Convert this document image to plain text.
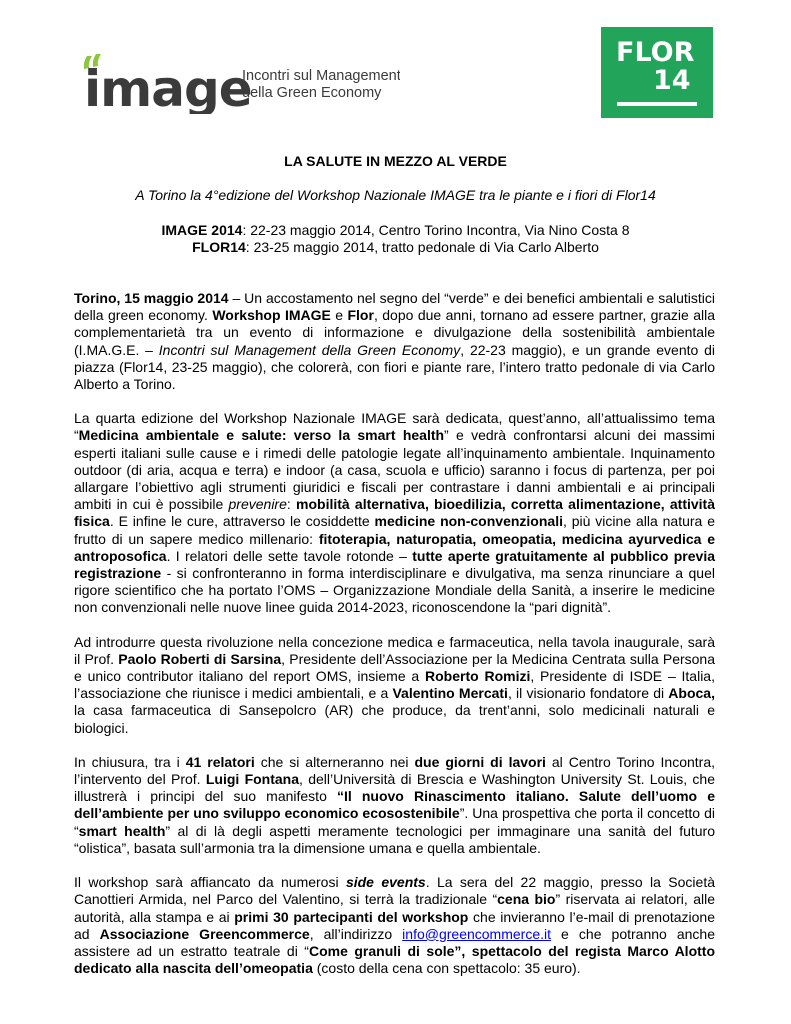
image
Incontri sul Management
della Green Economy
FLOR
14
LA SALUTE IN MEZZO AL VERDE
A Torino la 4°edizione del Workshop Nazionale IMAGE tra le piante e i fiori di Flor14
IMAGE 2014: 22-23 maggio 2014, Centro Torino Incontra, Via Nino Costa 8
FLOR14: 23-25 maggio 2014, tratto pedonale di Via Carlo Alberto

Torino, 15 maggio 2014 – Un accostamento nel segno del “verde” e dei benefici ambientali e salutistici della green economy. Workshop IMAGE e Flor, dopo due anni, tornano ad essere partner, grazie alla complementarietà tra un evento di informazione e divulgazione della sostenibilità ambientale (I.MA.G.E. – Incontri sul Management della Green Economy, 22-23 maggio), e un grande evento di piazza (Flor14, 23-25 maggio), che colorerà, con fiori e piante rare, l’intero tratto pedonale di via Carlo Alberto a Torino.

La quarta edizione del Workshop Nazionale IMAGE sarà dedicata, quest’anno, all’attualissimo tema “Medicina ambientale e salute: verso la smart health” e vedrà confrontarsi alcuni dei massimi esperti italiani sulle cause e i rimedi delle patologie legate all’inquinamento ambientale. Inquinamento outdoor (di aria, acqua e terra) e indoor (a casa, scuola e ufficio) saranno i focus di partenza, per poi allargare l’obiettivo agli strumenti giuridici e fiscali per contrastare i danni ambientali e ai principali ambiti in cui è possibile prevenire: mobilità alternativa, bioedilizia, corretta alimentazione, attività fisica. E infine le cure, attraverso le cosiddette medicine non-convenzionali, più vicine alla natura e frutto di un sapere medico millenario: fitoterapia, naturopatia, omeopatia, medicina ayurvedica e antroposofica. I relatori delle sette tavole rotonde – tutte aperte gratuitamente al pubblico previa registrazione - si confronteranno in forma interdisciplinare e divulgativa, ma senza rinunciare a quel rigore scientifico che ha portato l’OMS – Organizzazione Mondiale della Sanità, a inserire le medicine non convenzionali nelle nuove linee guida 2014-2023, riconoscendone la “pari dignità”.

Ad introdurre questa rivoluzione nella concezione medica e farmaceutica, nella tavola inaugurale, sarà il Prof. Paolo Roberti di Sarsina, Presidente dell’Associazione per la Medicina Centrata sulla Persona e unico contributor italiano del report OMS, insieme a Roberto Romizi, Presidente di ISDE – Italia, l’associazione che riunisce i medici ambientali, e a Valentino Mercati, il visionario fondatore di Aboca, la casa farmaceutica di Sansepolcro (AR) che produce, da trent’anni, solo medicinali naturali e biologici.

In chiusura, tra i 41 relatori che si alterneranno nei due giorni di lavori al Centro Torino Incontra, l’intervento del Prof. Luigi Fontana, dell’Università di Brescia e Washington University St. Louis, che illustrerà i principi del suo manifesto “Il nuovo Rinascimento italiano. Salute dell’uomo e dell’ambiente per uno sviluppo economico ecosostenibile”. Una prospettiva che porta il concetto di “smart health” al di là degli aspetti meramente tecnologici per immaginare una sanità del futuro “olistica”, basata sull’armonia tra la dimensione umana e quella ambientale.

Il workshop sarà affiancato da numerosi side events. La sera del 22 maggio, presso la Società Canottieri Armida, nel Parco del Valentino, si terrà la tradizionale “cena bio” riservata ai relatori, alle autorità, alla stampa e ai primi 30 partecipanti del workshop che invieranno l’e-mail di prenotazione ad Associazione Greencommerce, all’indirizzo info@greencommerce.it e che potranno anche assistere ad un estratto teatrale di “Come granuli di sole”, spettacolo del regista Marco Alotto dedicato alla nascita dell’omeopatia (costo della cena con spettacolo: 35 euro).
